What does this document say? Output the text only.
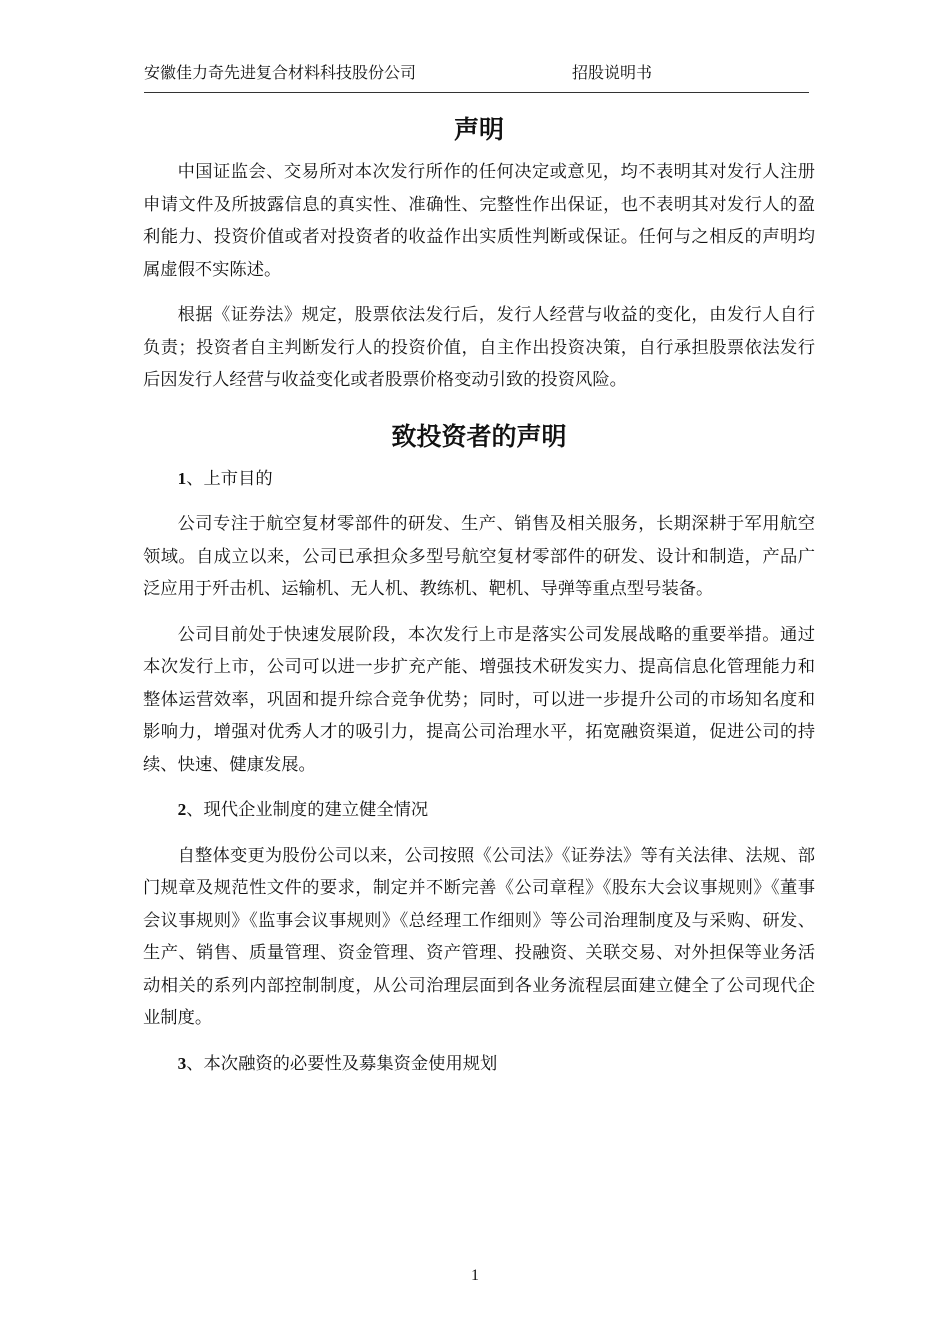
安徽佳力奇先进复合材料科技股份公司	招股说明书
声明

中国证监会、交易所对本次发行所作的任何决定或意见，均不表明其对发行人注册申请文件及所披露信息的真实性、准确性、完整性作出保证，也不表明其对发行人的盈利能力、投资价值或者对投资者的收益作出实质性判断或保证。任何与之相反的声明均属虚假不实陈述。

根据《证券法》规定，股票依法发行后，发行人经营与收益的变化，由发行人自行负责；投资者自主判断发行人的投资价值，自主作出投资决策，自行承担股票依法发行后因发行人经营与收益变化或者股票价格变动引致的投资风险。

致投资者的声明

1、上市目的

公司专注于航空复材零部件的研发、生产、销售及相关服务，长期深耕于军用航空领域。自成立以来，公司已承担众多型号航空复材零部件的研发、设计和制造，产品广泛应用于歼击机、运输机、无人机、教练机、靶机、导弹等重点型号装备。

公司目前处于快速发展阶段，本次发行上市是落实公司发展战略的重要举措。通过本次发行上市，公司可以进一步扩充产能、增强技术研发实力、提高信息化管理能力和整体运营效率，巩固和提升综合竞争优势；同时，可以进一步提升公司的市场知名度和影响力，增强对优秀人才的吸引力，提高公司治理水平，拓宽融资渠道，促进公司的持续、快速、健康发展。

2、现代企业制度的建立健全情况

自整体变更为股份公司以来，公司按照《公司法》《证券法》等有关法律、法规、部门规章及规范性文件的要求，制定并不断完善《公司章程》《股东大会议事规则》《董事会议事规则》《监事会议事规则》《总经理工作细则》等公司治理制度及与采购、研发、生产、销售、质量管理、资金管理、资产管理、投融资、关联交易、对外担保等业务活动相关的系列内部控制制度，从公司治理层面到各业务流程层面建立健全了公司现代企业制度。

3、本次融资的必要性及募集资金使用规划

1
